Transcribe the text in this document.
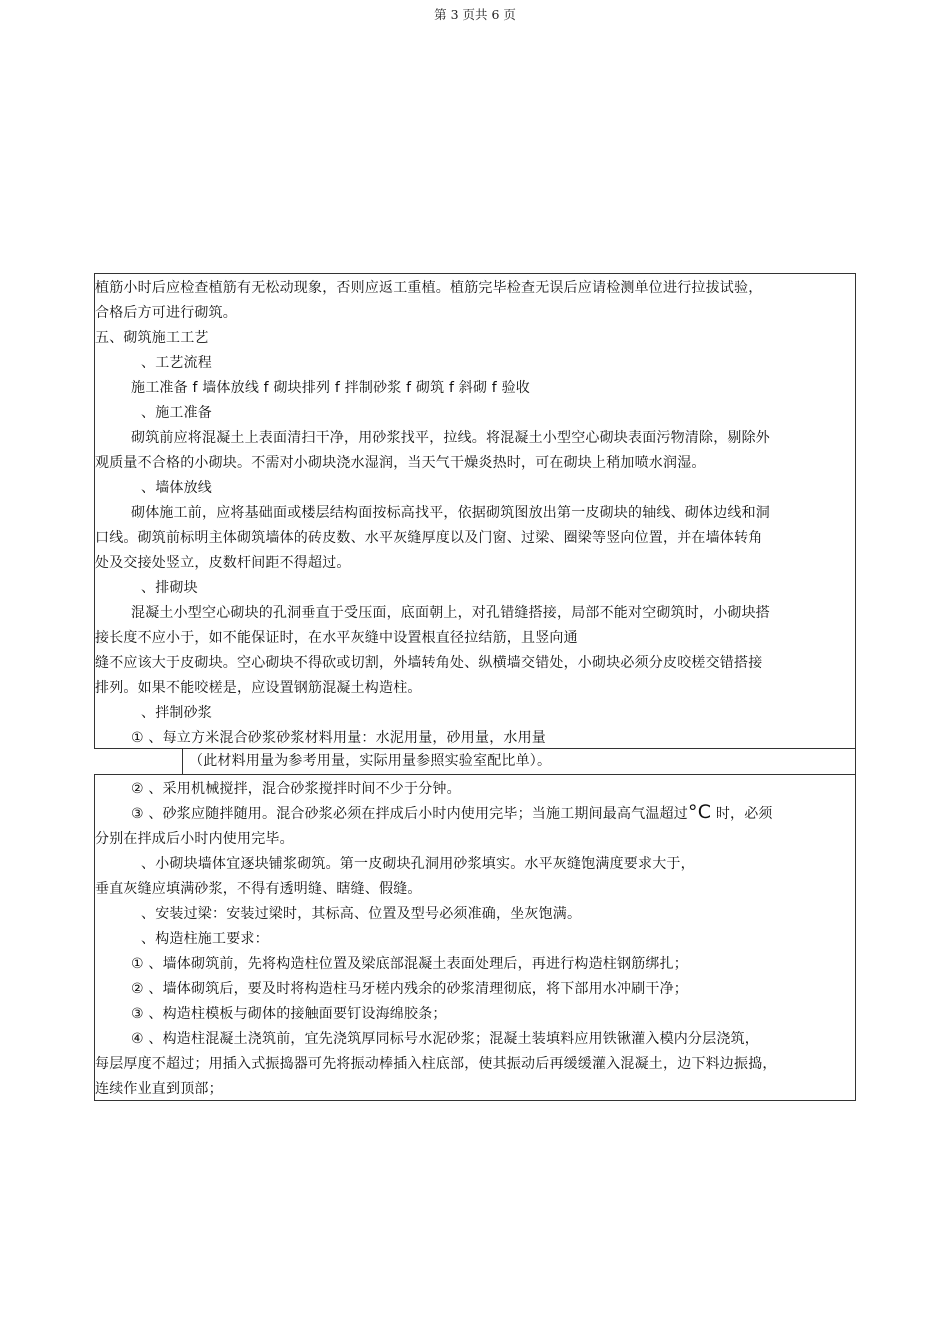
第 3 页共 6 页
植筋小时后应检查植筋有无松动现象，否则应返工重植。植筋完毕检查无误后应请检测单位进行拉拔试验，
合格后方可进行砌筑。
五、砌筑施工工艺
、工艺流程
施工准备 f 墙体放线 f 砌块排列 f 拌制砂浆 f 砌筑 f 斜砌 f 验收
、施工准备
砌筑前应将混凝土上表面清扫干净，用砂浆找平，拉线。将混凝土小型空心砌块表面污物清除，剔除外
观质量不合格的小砌块。不需对小砌块浇水湿润，当天气干燥炎热时，可在砌块上稍加喷水润湿。
、墙体放线
砌体施工前，应将基础面或楼层结构面按标高找平，依据砌筑图放出第一皮砌块的轴线、砌体边线和洞
口线。砌筑前标明主体砌筑墙体的砖皮数、水平灰缝厚度以及门窗、过梁、圈梁等竖向位置，并在墙体转角
处及交接处竖立，皮数杆间距不得超过。
、排砌块
混凝土小型空心砌块的孔洞垂直于受压面，底面朝上，对孔错缝搭接，局部不能对空砌筑时，小砌块搭
接长度不应小于，如不能保证时，在水平灰缝中设置根直径拉结筋，且竖向通
缝不应该大于皮砌块。空心砌块不得砍或切割，外墙转角处、纵横墙交错处，小砌块必须分皮咬槎交错搭接
排列。如果不能咬槎是，应设置钢筋混凝土构造柱。
、拌制砂浆
① 、每立方米混合砂浆砂浆材料用量：水泥用量，砂用量，水用量
（此材料用量为参考用量，实际用量参照实验室配比单）。
② 、采用机械搅拌，混合砂浆搅拌时间不少于分钟。
③ 、砂浆应随拌随用。混合砂浆必须在拌成后小时内使用完毕；当施工期间最高气温超过°C 时，必须
分别在拌成后小时内使用完毕。
、小砌块墙体宜逐块铺浆砌筑。第一皮砌块孔洞用砂浆填实。水平灰缝饱满度要求大于，
垂直灰缝应填满砂浆，不得有透明缝、瞎缝、假缝。
、安装过梁：安装过梁时，其标高、位置及型号必须准确，坐灰饱满。
、构造柱施工要求：
① 、墙体砌筑前，先将构造柱位置及梁底部混凝土表面处理后，再进行构造柱钢筋绑扎；
② 、墙体砌筑后，要及时将构造柱马牙槎内残余的砂浆清理彻底，将下部用水冲刷干净；
③ 、构造柱模板与砌体的接触面要钉设海绵胶条；
④ 、构造柱混凝土浇筑前，宜先浇筑厚同标号水泥砂浆；混凝土装填料应用铁锹灌入模内分层浇筑，
每层厚度不超过；用插入式振捣器可先将振动棒插入柱底部，使其振动后再缓缓灌入混凝土，边下料边振捣，
连续作业直到顶部；
